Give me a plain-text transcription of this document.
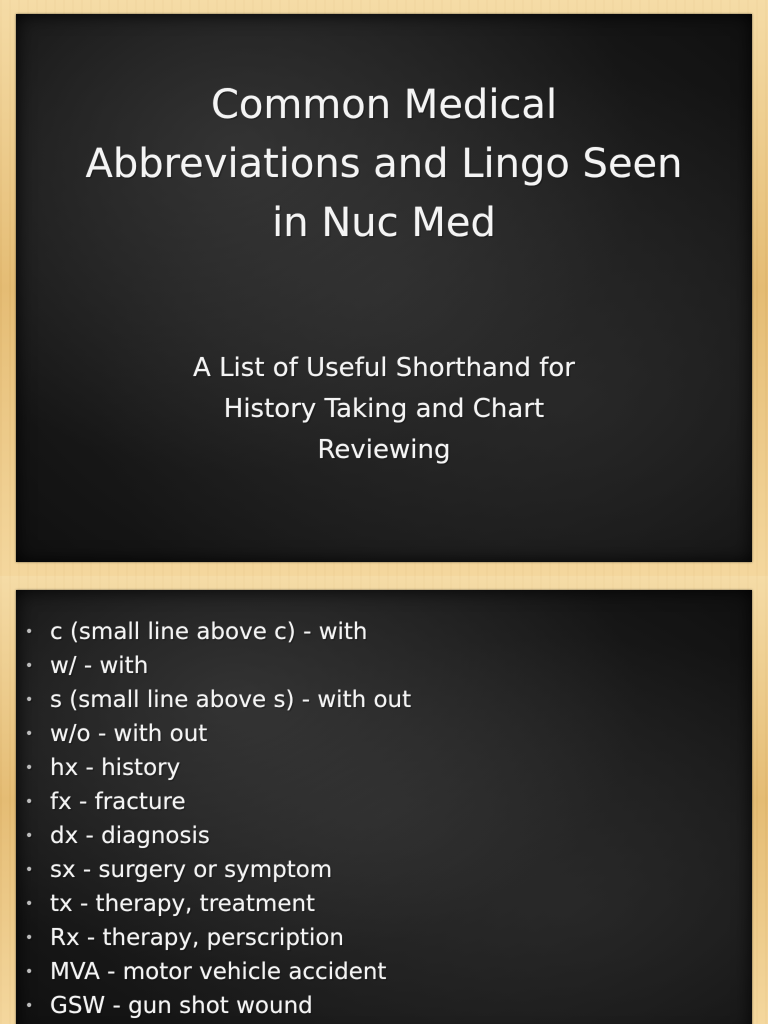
Common Medical
Abbreviations and Lingo Seen
in Nuc Med

A List of Useful Shorthand for
History Taking and Chart
Reviewing

• c (small line above c) - with
• w/ - with
• s (small line above s) - with out
• w/o - with out
• hx - history
• fx - fracture
• dx - diagnosis
• sx - surgery or symptom
• tx - therapy, treatment
• Rx - therapy, perscription
• MVA - motor vehicle accident
• GSW - gun shot wound
